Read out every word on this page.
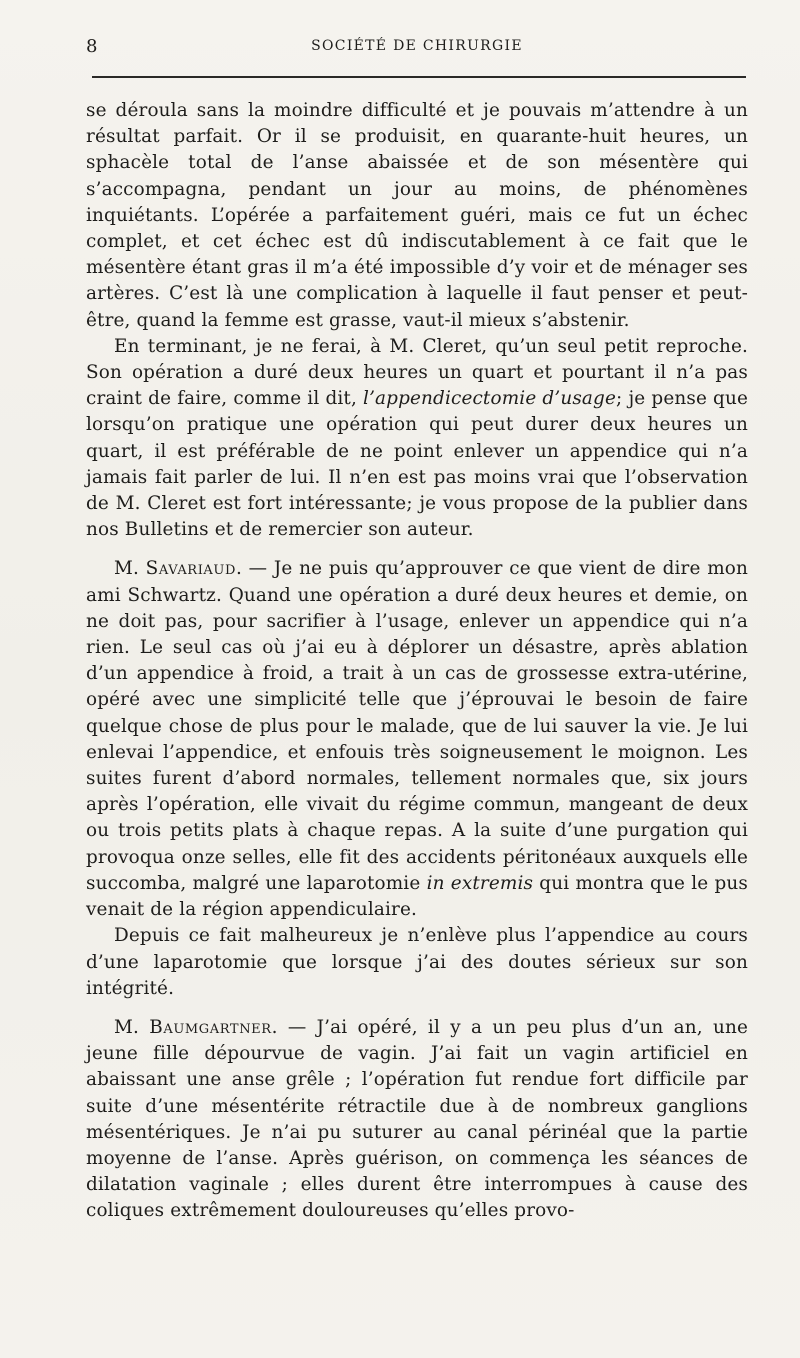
8	SOCIÉTÉ DE CHIRURGIE

se déroula sans la moindre difficulté et je pouvais m’attendre à un résultat parfait. Or il se produisit, en quarante-huit heures, un sphacèle total de l’anse abaissée et de son mésentère qui s’accompagna, pendant un jour au moins, de phénomènes inquiétants. L’opérée a parfaitement guéri, mais ce fut un échec complet, et cet échec est dû indiscutablement à ce fait que le mésentère étant gras il m’a été impossible d’y voir et de ménager ses artères. C’est là une complication à laquelle il faut penser et peut-être, quand la femme est grasse, vaut-il mieux s’abstenir.

En terminant, je ne ferai, à M. Cleret, qu’un seul petit reproche. Son opération a duré deux heures un quart et pourtant il n’a pas craint de faire, comme il dit, l’appendicectomie d’usage; je pense que lorsqu’on pratique une opération qui peut durer deux heures un quart, il est préférable de ne point enlever un appendice qui n’a jamais fait parler de lui. Il n’en est pas moins vrai que l’observation de M. Cleret est fort intéressante; je vous propose de la publier dans nos Bulletins et de remercier son auteur.

M. Savariaud. — Je ne puis qu’approuver ce que vient de dire mon ami Schwartz. Quand une opération a duré deux heures et demie, on ne doit pas, pour sacrifier à l’usage, enlever un appendice qui n’a rien. Le seul cas où j’ai eu à déplorer un désastre, après ablation d’un appendice à froid, a trait à un cas de grossesse extra-utérine, opéré avec une simplicité telle que j’éprouvai le besoin de faire quelque chose de plus pour le malade, que de lui sauver la vie. Je lui enlevai l’appendice, et enfouis très soigneusement le moignon. Les suites furent d’abord normales, tellement normales que, six jours après l’opération, elle vivait du régime commun, mangeant de deux ou trois petits plats à chaque repas. A la suite d’une purgation qui provoqua onze selles, elle fit des accidents péritonéaux auxquels elle succomba, malgré une laparotomie in extremis qui montra que le pus venait de la région appendiculaire.

Depuis ce fait malheureux je n’enlève plus l’appendice au cours d’une laparotomie que lorsque j’ai des doutes sérieux sur son intégrité.

M. Baumgartner. — J’ai opéré, il y a un peu plus d’un an, une jeune fille dépourvue de vagin. J’ai fait un vagin artificiel en abaissant une anse grêle ; l’opération fut rendue fort difficile par suite d’une mésentérite rétractile due à de nombreux ganglions mésentériques. Je n’ai pu suturer au canal périnéal que la partie moyenne de l’anse. Après guérison, on commença les séances de dilatation vaginale ; elles durent être interrompues à cause des coliques extrêmement douloureuses qu’elles provo-
